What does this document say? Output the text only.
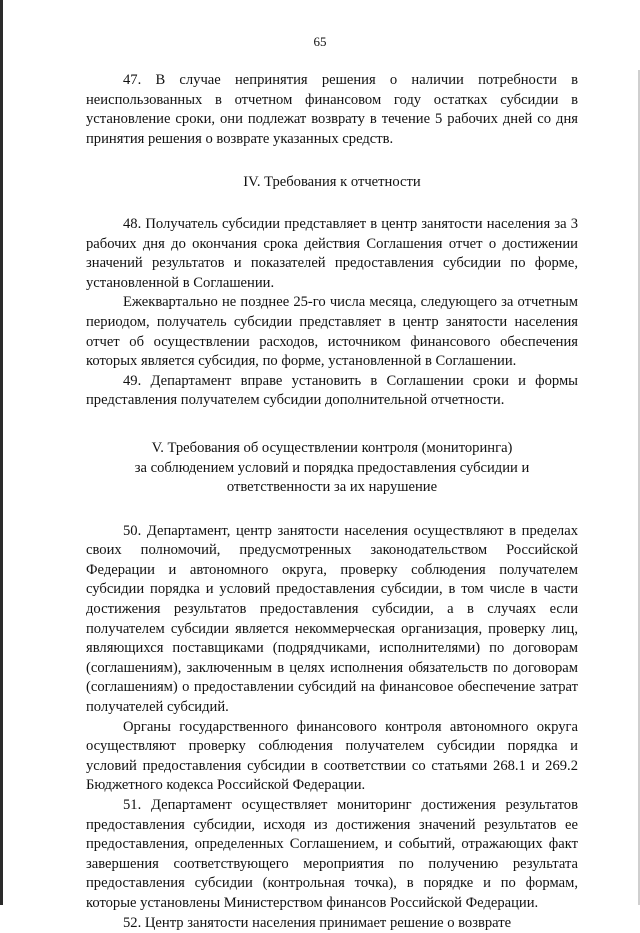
65

47. В случае непринятия решения о наличии потребности в неиспользованных в отчетном финансовом году остатках субсидии в установление сроки, они подлежат возврату в течение 5 рабочих дней со дня принятия решения о возврате указанных средств.

IV. Требования к отчетности

48. Получатель субсидии представляет в центр занятости населения за 3 рабочих дня до окончания срока действия Соглашения отчет о достижении значений результатов и показателей предоставления субсидии по форме, установленной в Соглашении.

Ежеквартально не позднее 25-го числа месяца, следующего за отчетным периодом, получатель субсидии представляет в центр занятости населения отчет об осуществлении расходов, источником финансового обеспечения которых является субсидия, по форме, установленной в Соглашении.

49. Департамент вправе установить в Соглашении сроки и формы представления получателем субсидии дополнительной отчетности.

V. Требования об осуществлении контроля (мониторинга)
за соблюдением условий и порядка предоставления субсидии и
ответственности за их нарушение

50. Департамент, центр занятости населения осуществляют в пределах своих полномочий, предусмотренных законодательством Российской Федерации и автономного округа, проверку соблюдения получателем субсидии порядка и условий предоставления субсидии, в том числе в части достижения результатов предоставления субсидии, а в случаях если получателем субсидии является некоммерческая организация, проверку лиц, являющихся поставщиками (подрядчиками, исполнителями) по договорам (соглашениям), заключенным в целях исполнения обязательств по договорам (соглашениям) о предоставлении субсидий на финансовое обеспечение затрат получателей субсидий.

Органы государственного финансового контроля автономного округа осуществляют проверку соблюдения получателем субсидии порядка и условий предоставления субсидии в соответствии со статьями 268.1 и 269.2 Бюджетного кодекса Российской Федерации.

51. Департамент осуществляет мониторинг достижения результатов предоставления субсидии, исходя из достижения значений результатов ее предоставления, определенных Соглашением, и событий, отражающих факт завершения соответствующего мероприятия по получению результата предоставления субсидии (контрольная точка), в порядке и по формам, которые установлены Министерством финансов Российской Федерации.

52. Центр занятости населения принимает решение о возврате
